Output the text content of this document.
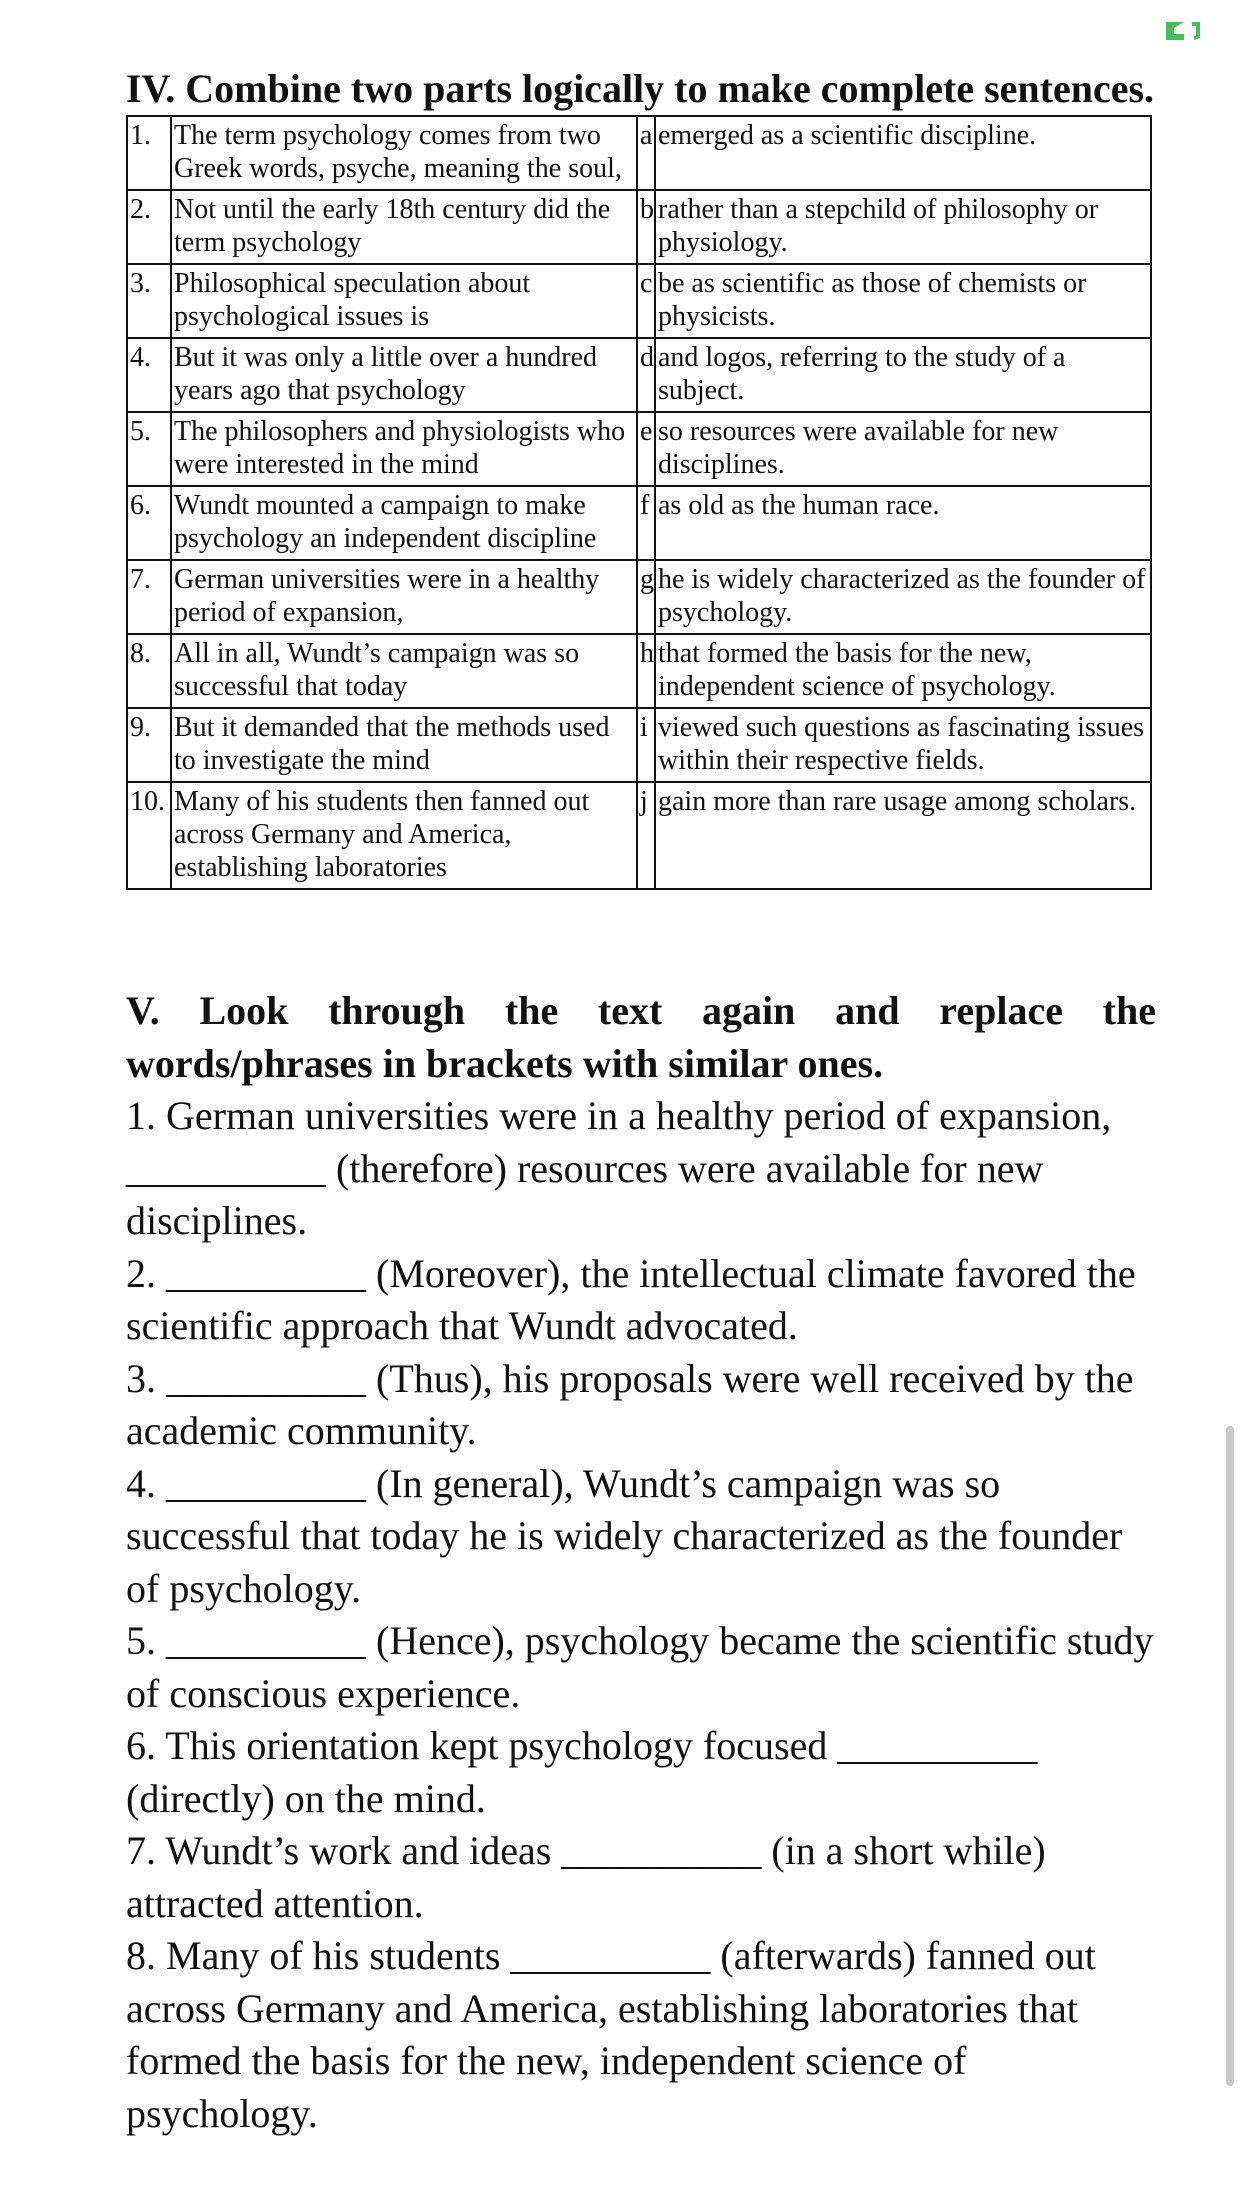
IV. Combine two parts logically to make complete sentences.
1.	The term psychology comes from two Greek words, psyche, meaning the soul,	a	emerged as a scientific discipline.
2.	Not until the early 18th century did the term psychology	b	rather than a stepchild of philosophy or physiology.
3.	Philosophical speculation about psychological issues is	c	be as scientific as those of chemists or physicists.
4.	But it was only a little over a hundred years ago that psychology	d	and logos, referring to the study of a subject.
5.	The philosophers and physiologists who were interested in the mind	e	so resources were available for new disciplines.
6.	Wundt mounted a campaign to make psychology an independent discipline	f	as old as the human race.
7.	German universities were in a healthy period of expansion,	g	he is widely characterized as the founder of psychology.
8.	All in all, Wundt’s campaign was so successful that today	h	that formed the basis for the new, independent science of psychology.
9.	But it demanded that the methods used to investigate the mind	i	viewed such questions as fascinating issues within their respective fields.
10.	Many of his students then fanned out across Germany and America, establishing laboratories	j	gain more than rare usage among scholars.
V. Look through the text again and replace the words/phrases in brackets with similar ones.
1. German universities were in a healthy period of expansion, __________ (therefore) resources were available for new disciplines.
2. __________ (Moreover), the intellectual climate favored the scientific approach that Wundt advocated.
3. __________ (Thus), his proposals were well received by the academic community.
4. __________ (In general), Wundt’s campaign was so successful that today he is widely characterized as the founder of psychology.
5. __________ (Hence), psychology became the scientific study of conscious experience.
6. This orientation kept psychology focused __________ (directly) on the mind.
7. Wundt’s work and ideas __________ (in a short while) attracted attention.
8. Many of his students __________ (afterwards) fanned out across Germany and America, establishing laboratories that formed the basis for the new, independent science of psychology.
